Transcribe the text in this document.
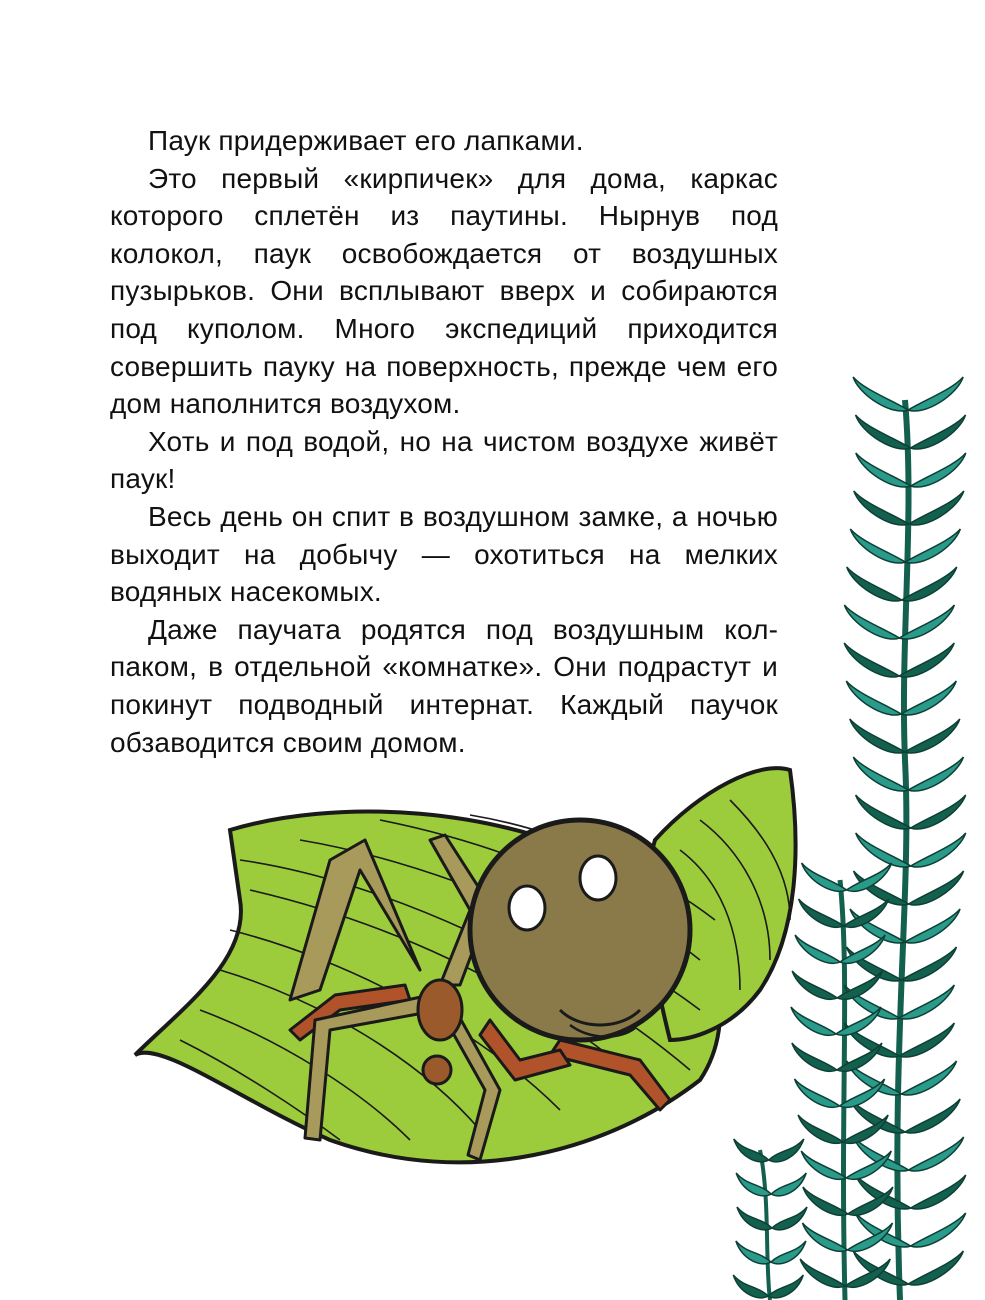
Паук придерживает его лапками.

Это первый «кирпичек» для дома, каркас которого сплетён из паутины. Нырнув под колокол, паук освобождается от воздушных пузырьков. Они всплывают вверх и собираются под куполом. Много экспедиций приходится совершить пауку на поверхность, прежде чем его дом наполнится воздухом.

Хоть и под водой, но на чистом воздухе живёт паук!

Весь день он спит в воздушном замке, а ночью выходит на добычу — охотиться на мелких водяных насекомых.

Даже паучата родятся под воздушным колпаком, в отдельной «комнатке». Они подрастут и покинут подводный интернат. Каждый паучок обзаводится своим домом.
